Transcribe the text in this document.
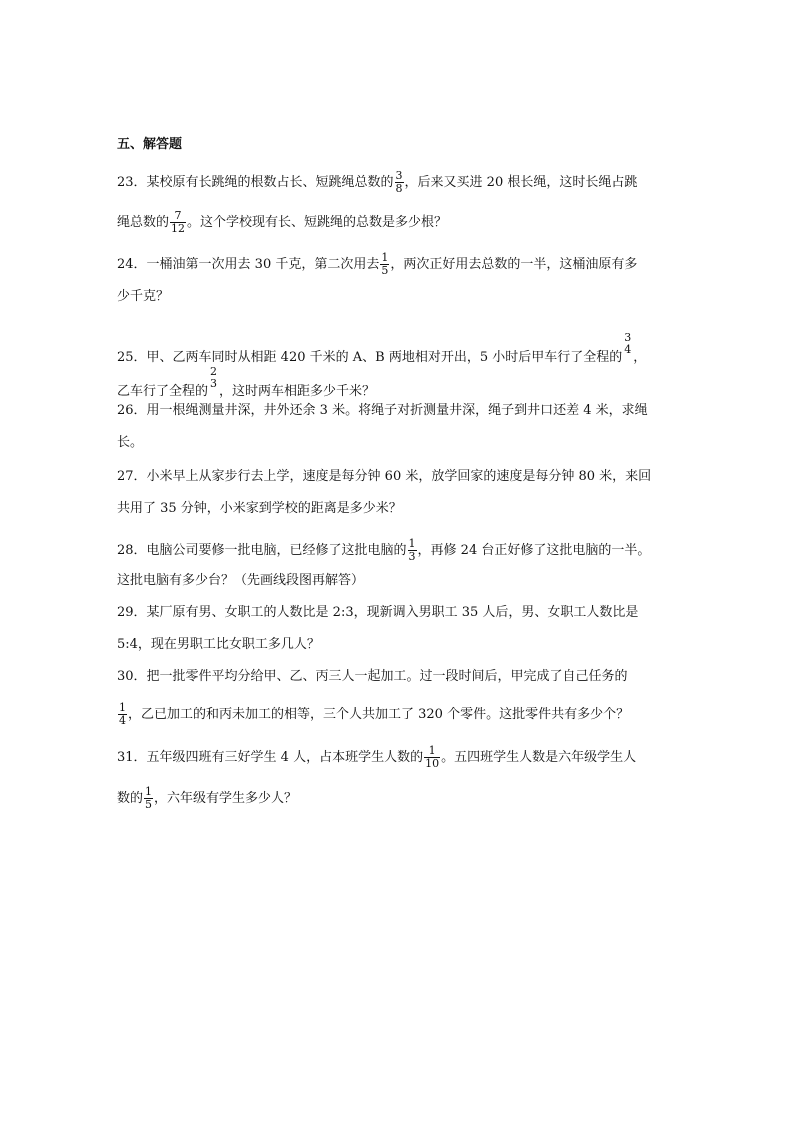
五、解答题
23．某校原有长跳绳的根数占长、短跳绳总数的 $\frac{3}{8}$ ，后来又买进 20 根长绳，这时长绳占跳
绳总数的 $\frac{7}{12}$ 。这个学校现有长、短跳绳的总数是多少根？
24．一桶油第一次用去 30 千克，第二次用去 $\frac{1}{5}$ ，两次正好用去总数的一半，这桶油原有多
少千克？
25．甲、乙两车同时从相距 420 千米的 A、B 两地相对开出，5 小时后甲车行了全程的
3
4
，
乙车行了全程的
2
3
，这时两车相距多少千米？
26．用一根绳测量井深，井外还余 3 米。将绳子对折测量井深，绳子到井口还差 4 米，求绳
长。
27．小米早上从家步行去上学，速度是每分钟 60 米，放学回家的速度是每分钟 80 米，来回
共用了 35 分钟，小米家到学校的距离是多少米？
28．电脑公司要修一批电脑，已经修了这批电脑的 $\frac{1}{3}$ ，再修 24 台正好修了这批电脑的一半。
这批电脑有多少台？（先画线段图再解答）
29．某厂原有男、女职工的人数比是 2:3，现新调入男职工 35 人后，男、女职工人数比是
5:4，现在男职工比女职工多几人？
30．把一批零件平均分给甲、乙、丙三人一起加工。过一段时间后，甲完成了自己任务的
$\frac{1}{4}$ ，乙已加工的和丙未加工的相等，三个人共加工了 320 个零件。这批零件共有多少个？
31．五年级四班有三好学生 4 人，占本班学生人数的 $\frac{1}{10}$ 。五四班学生人数是六年级学生人
数的 $\frac{1}{5}$ ，六年级有学生多少人？
